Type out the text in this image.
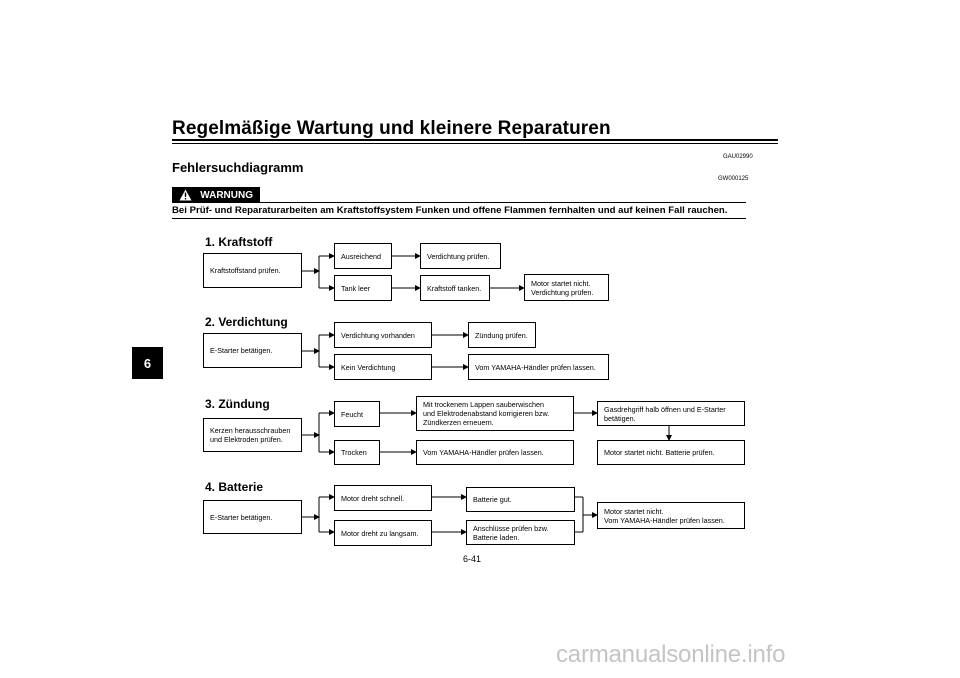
Regelmäßige Wartung und kleinere Reparaturen
GAU02990
Fehlersuchdiagramm
GW000125
WARNUNG
Bei Prüf- und Reparaturarbeiten am Kraftstoffsystem Funken und offene Flammen fernhalten und auf keinen Fall rauchen.
6
1. Kraftstoff
Kraftstoffstand prüfen.
Ausreichend	Verdichtung prüfen.
Tank leer	Kraftstoff tanken.
Motor startet nicht.
Verdichtung prüfen.
2. Verdichtung
E-Starter betätigen.
Verdichtung vorhanden	Zündung prüfen.
Kein Verdichtung	Vom YAMAHA-Händler prüfen lassen.
3. Zündung
Kerzen herausschrauben
und Elektroden prüfen.
Feucht
Mit trockenem Lappen sauberwischen
und Elektrodenabstand korrigieren bzw.
Zündkerzen erneuern.
Gasdrehgriff halb öffnen und E-Starter
betätigen.
Trocken	Vom YAMAHA-Händler prüfen lassen.	Motor startet nicht. Batterie prüfen.
4. Batterie
E-Starter betätigen.
Motor dreht schnell.	Batterie gut.
Motor dreht zu langsam.
Anschlüsse prüfen bzw.
Batterie laden.
Motor startet nicht.
Vom YAMAHA-Händler prüfen lassen.
6-41
carmanualsonline.info
